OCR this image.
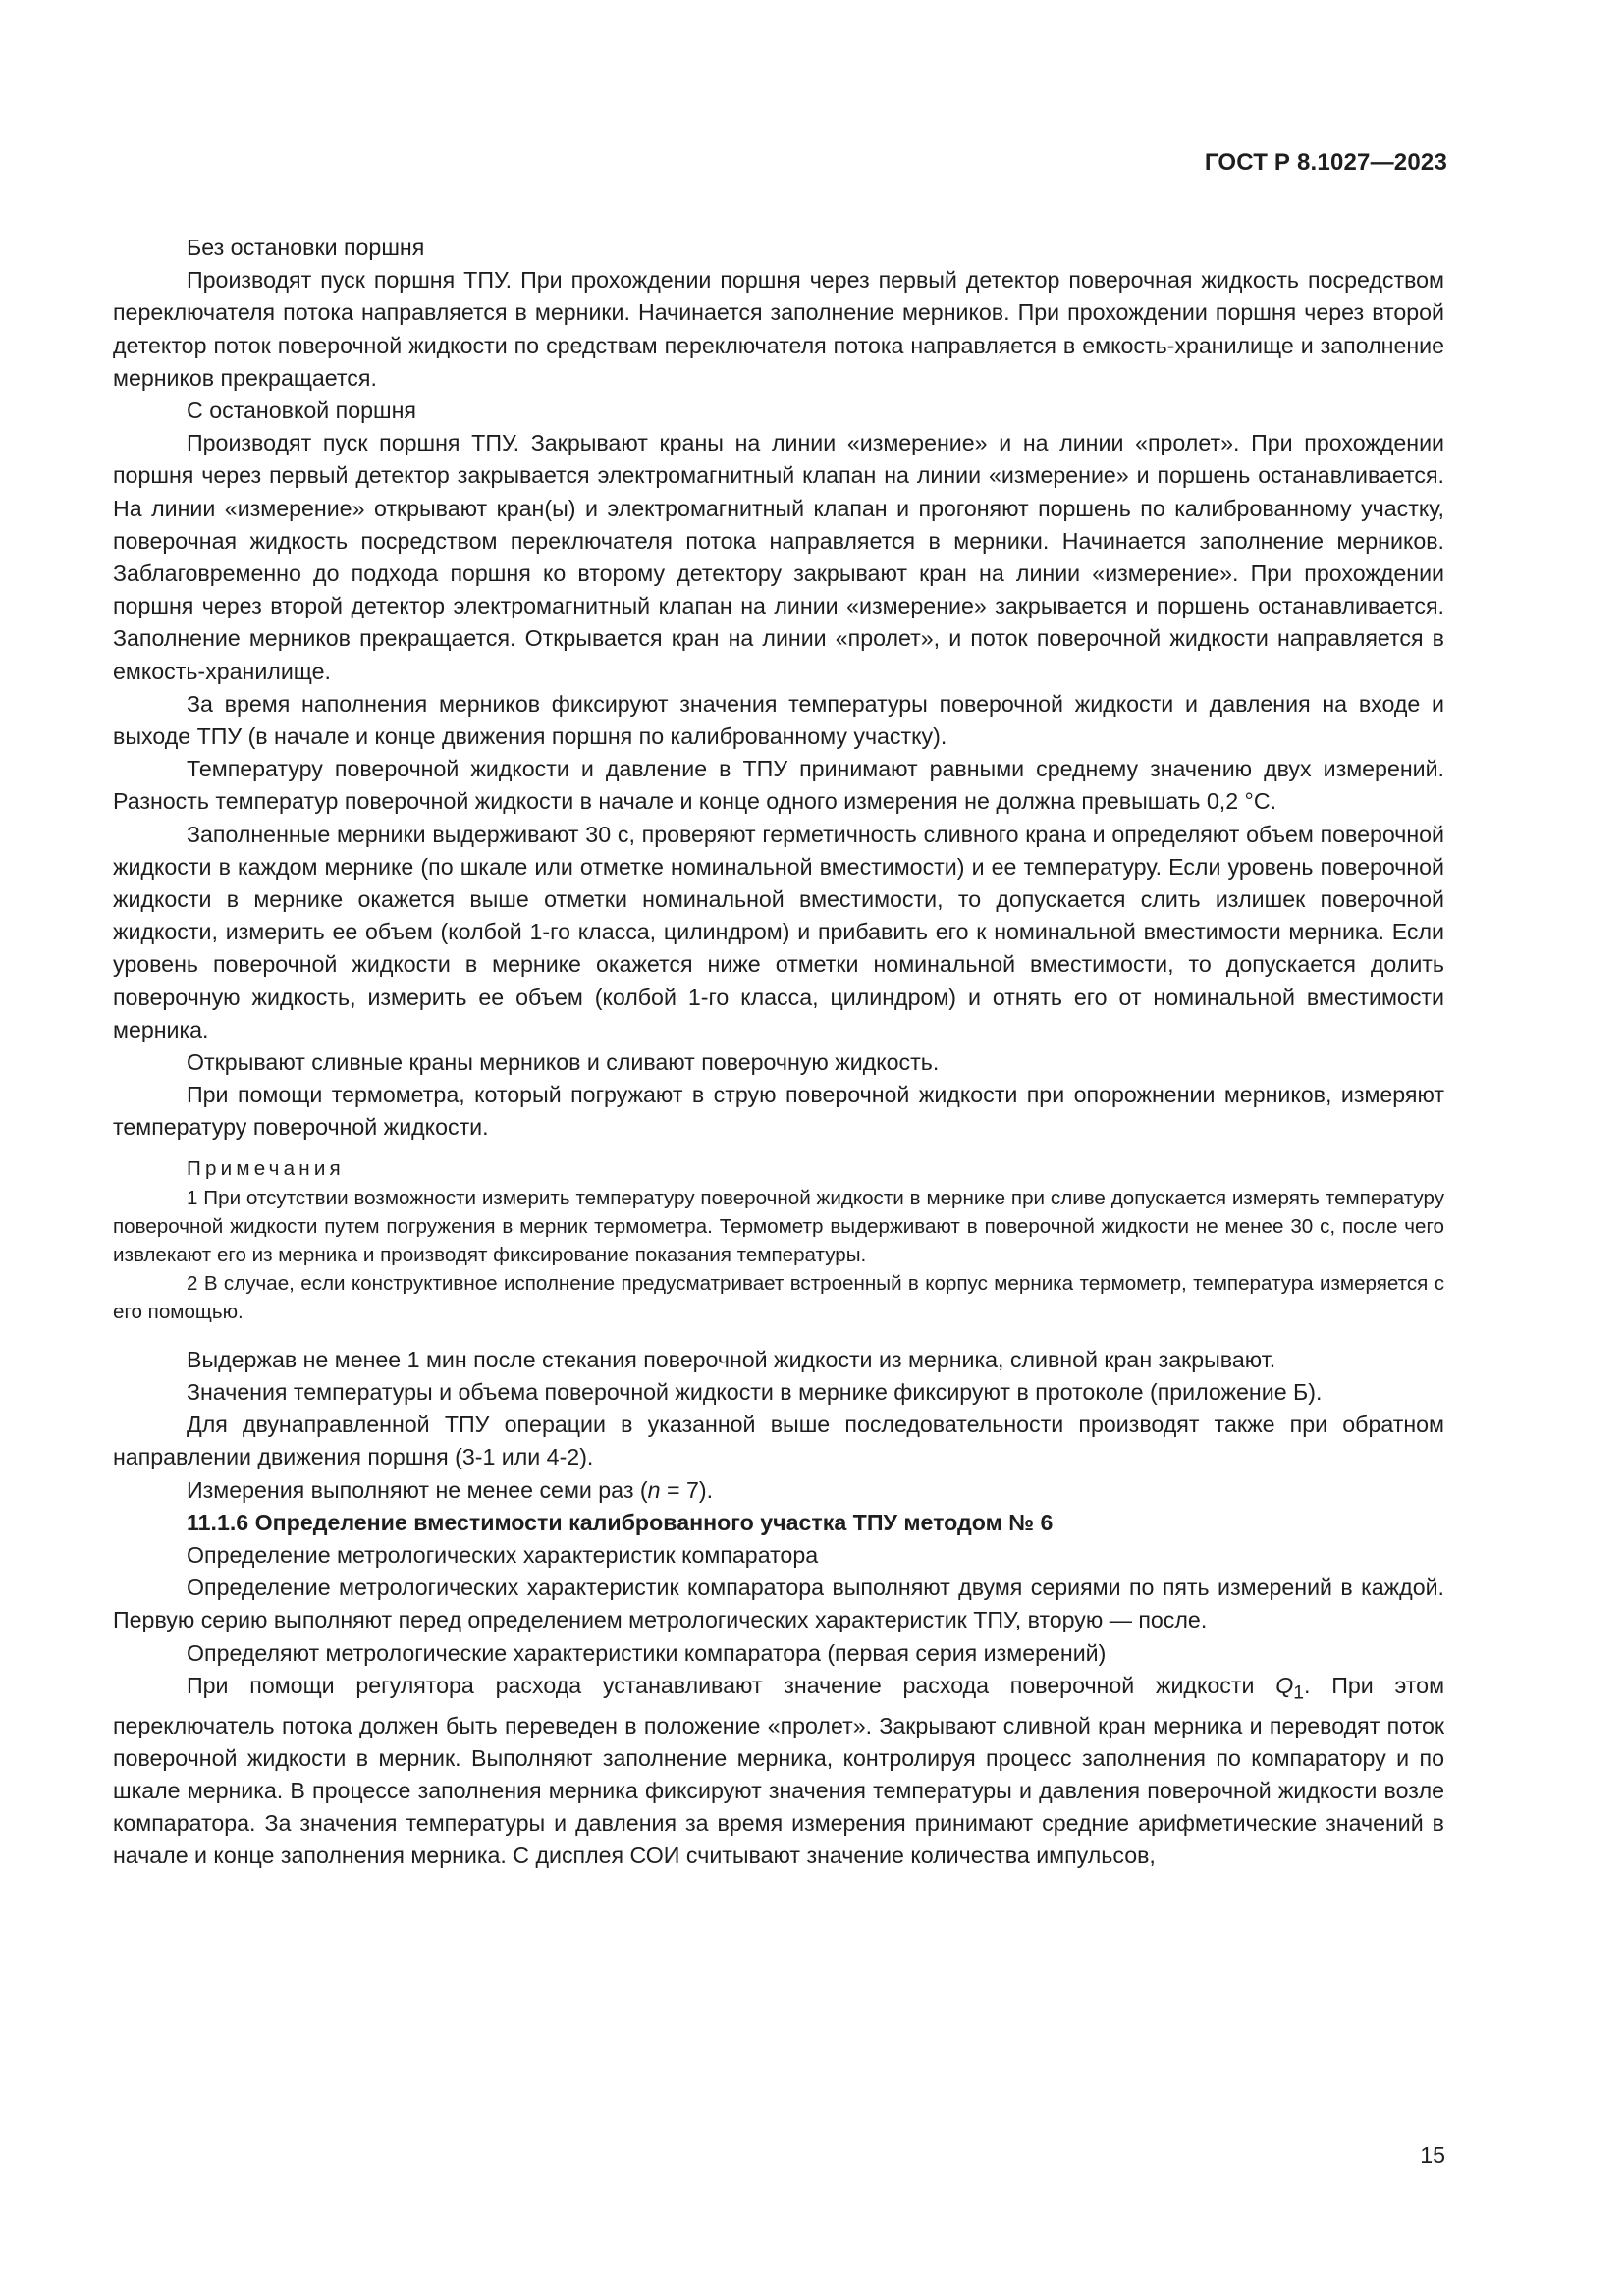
ГОСТ Р 8.1027—2023

Без остановки поршня

Производят пуск поршня ТПУ. При прохождении поршня через первый детектор поверочная жидкость посредством переключателя потока направляется в мерники. Начинается заполнение мерников. При прохождении поршня через второй детектор поток поверочной жидкости по средствам переключателя потока направляется в емкость-хранилище и заполнение мерников прекращается.

С остановкой поршня

Производят пуск поршня ТПУ. Закрывают краны на линии «измерение» и на линии «пролет». При прохождении поршня через первый детектор закрывается электромагнитный клапан на линии «измерение» и поршень останавливается. На линии «измерение» открывают кран(ы) и электромагнитный клапан и прогоняют поршень по калиброванному участку, поверочная жидкость посредством переключателя потока направляется в мерники. Начинается заполнение мерников. Заблаговременно до подхода поршня ко второму детектору закрывают кран на линии «измерение». При прохождении поршня через второй детектор электромагнитный клапан на линии «измерение» закрывается и поршень останавливается. Заполнение мерников прекращается. Открывается кран на линии «пролет», и поток поверочной жидкости направляется в емкость-хранилище.

За время наполнения мерников фиксируют значения температуры поверочной жидкости и давления на входе и выходе ТПУ (в начале и конце движения поршня по калиброванному участку).

Температуру поверочной жидкости и давление в ТПУ принимают равными среднему значению двух измерений. Разность температур поверочной жидкости в начале и конце одного измерения не должна превышать 0,2 °C.

Заполненные мерники выдерживают 30 с, проверяют герметичность сливного крана и определяют объем поверочной жидкости в каждом мернике (по шкале или отметке номинальной вместимости) и ее температуру. Если уровень поверочной жидкости в мернике окажется выше отметки номинальной вместимости, то допускается слить излишек поверочной жидкости, измерить ее объем (колбой 1-го класса, цилиндром) и прибавить его к номинальной вместимости мерника. Если уровень поверочной жидкости в мернике окажется ниже отметки номинальной вместимости, то допускается долить поверочную жидкость, измерить ее объем (колбой 1-го класса, цилиндром) и отнять его от номинальной вместимости мерника.

Открывают сливные краны мерников и сливают поверочную жидкость.

При помощи термометра, который погружают в струю поверочной жидкости при опорожнении мерников, измеряют температуру поверочной жидкости.

Примечания

1 При отсутствии возможности измерить температуру поверочной жидкости в мернике при сливе допускается измерять температуру поверочной жидкости путем погружения в мерник термометра. Термометр выдерживают в поверочной жидкости не менее 30 с, после чего извлекают его из мерника и производят фиксирование показания температуры.

2 В случае, если конструктивное исполнение предусматривает встроенный в корпус мерника термометр, температура измеряется с его помощью.

Выдержав не менее 1 мин после стекания поверочной жидкости из мерника, сливной кран закрывают.

Значения температуры и объема поверочной жидкости в мернике фиксируют в протоколе (приложение Б).

Для двунаправленной ТПУ операции в указанной выше последовательности производят также при обратном направлении движения поршня (3-1 или 4-2).

Измерения выполняют не менее семи раз (n = 7).

11.1.6 Определение вместимости калиброванного участка ТПУ методом № 6

Определение метрологических характеристик компаратора

Определение метрологических характеристик компаратора выполняют двумя сериями по пять измерений в каждой. Первую серию выполняют перед определением метрологических характеристик ТПУ, вторую — после.

Определяют метрологические характеристики компаратора (первая серия измерений)

При помощи регулятора расхода устанавливают значение расхода поверочной жидкости $Q_1$. При этом переключатель потока должен быть переведен в положение «пролет». Закрывают сливной кран мерника и переводят поток поверочной жидкости в мерник. Выполняют заполнение мерника, контролируя процесс заполнения по компаратору и по шкале мерника. В процессе заполнения мерника фиксируют значения температуры и давления поверочной жидкости возле компаратора. За значения температуры и давления за время измерения принимают средние арифметические значений в начале и конце заполнения мерника. С дисплея СОИ считывают значение количества импульсов,

15
